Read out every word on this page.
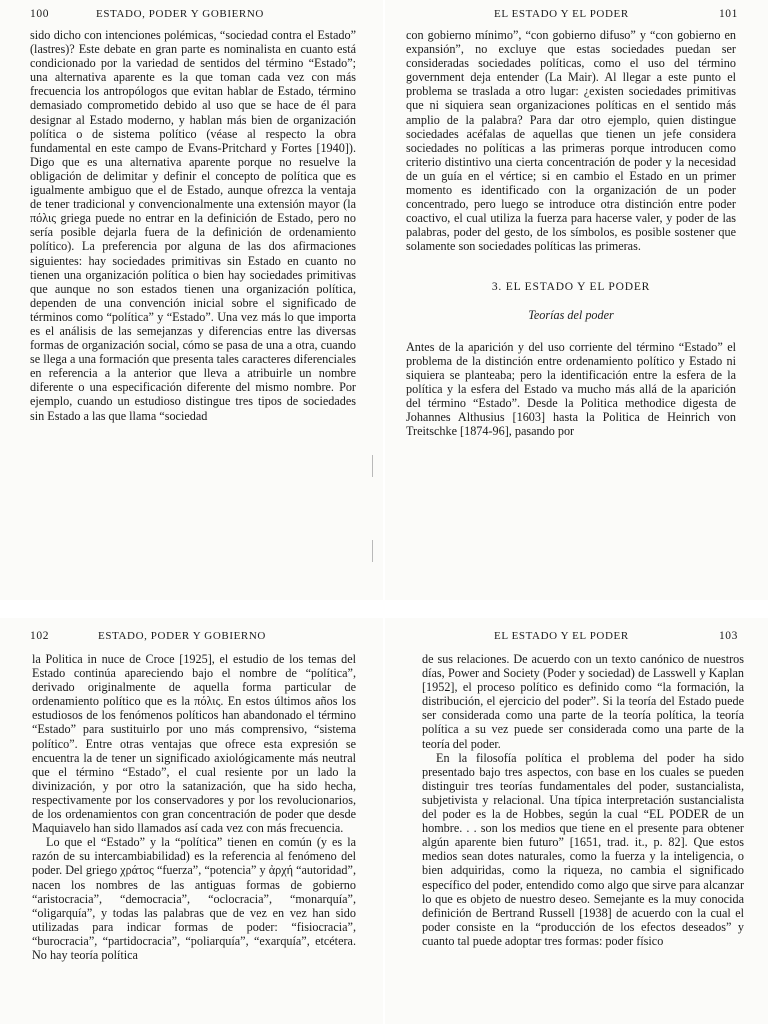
100	ESTADO, PODER Y GOBIERNO

sido dicho con intenciones polémicas, “sociedad contra el Estado” (lastres)? Este debate en gran parte es nominalista en cuanto está condicionado por la variedad de sentidos del término “Estado”; una alternativa aparente es la que toman cada vez con más frecuencia los antropólogos que evitan hablar de Estado, término demasiado comprometido debido al uso que se hace de él para designar al Estado moderno, y hablan más bien de organización política o de sistema político (véase al respecto la obra fundamental en este campo de Evans-Pritchard y Fortes [1940]). Digo que es una alternativa aparente porque no resuelve la obligación de delimitar y definir el concepto de política que es igualmente ambiguo que el de Estado, aunque ofrezca la ventaja de tener tradicional y convencionalmente una extensión mayor (la πόλις griega puede no entrar en la definición de Estado, pero no sería posible dejarla fuera de la definición de ordenamiento político). La preferencia por alguna de las dos afirmaciones siguientes: hay sociedades primitivas sin Estado en cuanto no tienen una organización política o bien hay sociedades primitivas que aunque no son estados tienen una organización política, dependen de una convención inicial sobre el significado de términos como “política” y “Estado”. Una vez más lo que importa es el análisis de las semejanzas y diferencias entre las diversas formas de organización social, cómo se pasa de una a otra, cuando se llega a una formación que presenta tales caracteres diferenciales en referencia a la anterior que lleva a atribuirle un nombre diferente o una especificación diferente del mismo nombre. Por ejemplo, cuando un estudioso distingue tres tipos de sociedades sin Estado a las que llama “sociedad

EL ESTADO Y EL PODER	101

con gobierno mínimo”, “con gobierno difuso” y “con gobierno en expansión”, no excluye que estas sociedades puedan ser consideradas sociedades políticas, como el uso del término government deja entender (La Mair). Al llegar a este punto el problema se traslada a otro lugar: ¿existen sociedades primitivas que ni siquiera sean organizaciones políticas en el sentido más amplio de la palabra? Para dar otro ejemplo, quien distingue sociedades acéfalas de aquellas que tienen un jefe considera sociedades no políticas a las primeras porque introducen como criterio distintivo una cierta concentración de poder y la necesidad de un guía en el vértice; si en cambio el Estado en un primer momento es identificado con la organización de un poder concentrado, pero luego se introduce otra distinción entre poder coactivo, el cual utiliza la fuerza para hacerse valer, y poder de las palabras, poder del gesto, de los símbolos, es posible sostener que solamente son sociedades políticas las primeras.

3. EL ESTADO Y EL PODER
Teorías del poder

Antes de la aparición y del uso corriente del término “Estado” el problema de la distinción entre ordenamiento político y Estado ni siquiera se planteaba; pero la identificación entre la esfera de la política y la esfera del Estado va mucho más allá de la aparición del término “Estado”. Desde la Politica methodice digesta de Johannes Althusius [1603] hasta la Politica de Heinrich von Treitschke [1874-96], pasando por

102	ESTADO, PODER Y GOBIERNO

la Politica in nuce de Croce [1925], el estudio de los temas del Estado continúa apareciendo bajo el nombre de “política”, derivado originalmente de aquella forma particular de ordenamiento político que es la πόλις. En estos últimos años los estudiosos de los fenómenos políticos han abandonado el término “Estado” para sustituirlo por uno más comprensivo, “sistema político”. Entre otras ventajas que ofrece esta expresión se encuentra la de tener un significado axiológicamente más neutral que el término “Estado”, el cual resiente por un lado la divinización, y por otro la satanización, que ha sido hecha, respectivamente por los conservadores y por los revolucionarios, de los ordenamientos con gran concentración de poder que desde Maquiavelo han sido llamados así cada vez con más frecuencia.

Lo que el “Estado” y la “política” tienen en común (y es la razón de su intercambiabilidad) es la referencia al fenómeno del poder. Del griego χράτος “fuerza”, “potencia” y ἀρχή “autoridad”, nacen los nombres de las antiguas formas de gobierno “aristocracia”, “democracia”, “oclocracia”, “monarquía”, “oligarquía”, y todas las palabras que de vez en vez han sido utilizadas para indicar formas de poder: “fisiocracia”, “burocracia”, “partidocracia”, “poliarquía”, “exarquía”, etcétera. No hay teoría política

EL ESTADO Y EL PODER	103

de sus relaciones. De acuerdo con un texto canónico de nuestros días, Power and Society (Poder y sociedad) de Lasswell y Kaplan [1952], el proceso político es definido como “la formación, la distribución, el ejercicio del poder”. Si la teoría del Estado puede ser considerada como una parte de la teoría política, la teoría política a su vez puede ser considerada como una parte de la teoría del poder.

En la filosofía política el problema del poder ha sido presentado bajo tres aspectos, con base en los cuales se pueden distinguir tres teorías fundamentales del poder, sustancialista, subjetivista y relacional. Una típica interpretación sustancialista del poder es la de Hobbes, según la cual “EL PODER de un hombre. . . son los medios que tiene en el presente para obtener algún aparente bien futuro” [1651, trad. it., p. 82]. Que estos medios sean dotes naturales, como la fuerza y la inteligencia, o bien adquiridas, como la riqueza, no cambia el significado específico del poder, entendido como algo que sirve para alcanzar lo que es objeto de nuestro deseo. Semejante es la muy conocida definición de Bertrand Russell [1938] de acuerdo con la cual el poder consiste en la “producción de los efectos deseados” y cuanto tal puede adoptar tres formas: poder físico
